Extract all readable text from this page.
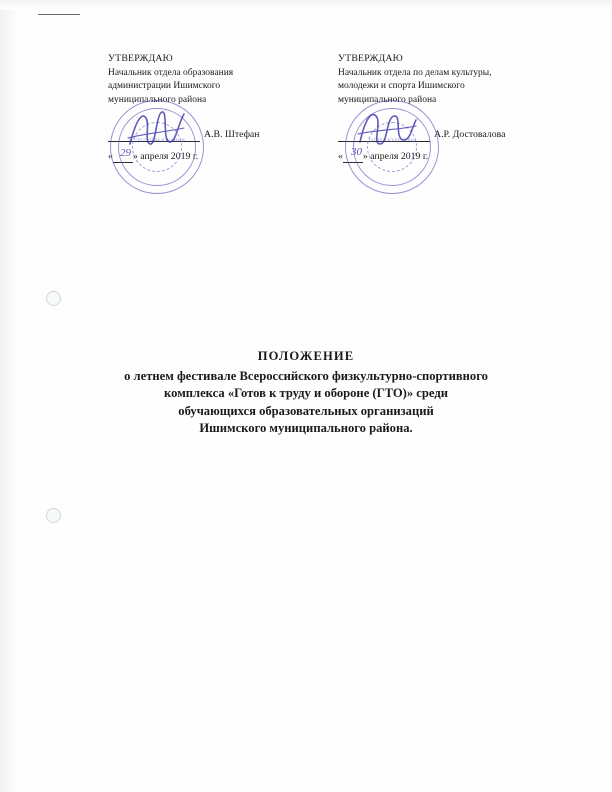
УТВЕРЖДАЮ
Начальник отдела образования
администрации Ишимского
муниципального района
А.В. Штефан
« » апреля 2019 г.
УТВЕРЖДАЮ
Начальник отдела по делам культуры,
молодежи и спорта Ишимского
муниципального района
А.Р. Достовалова
« » апреля 2019 г.
ОТДЕЛ ОБРАЗОВАНИЯ	ОТДЕЛ КУЛЬТУРЫ
29	30
ПОЛОЖЕНИЕ
о летнем фестивале Всероссийского физкультурно-спортивного
комплекса «Готов к труду и обороне (ГТО)» среди
обучающихся образовательных организаций
Ишимского муниципального района.
